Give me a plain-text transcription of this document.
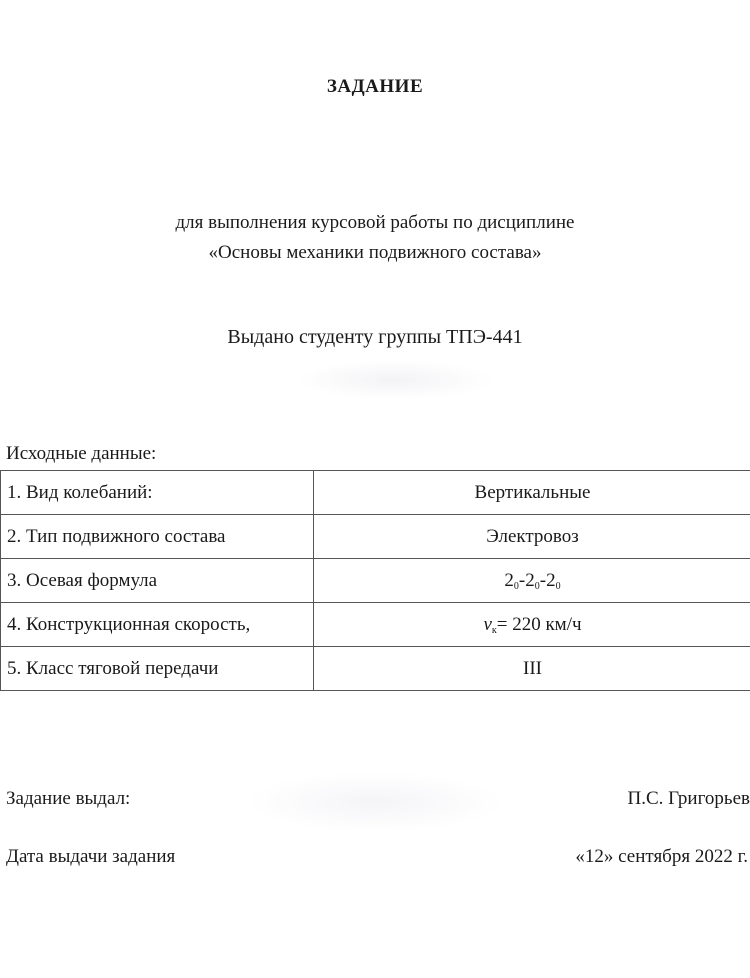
ЗАДАНИЕ
для выполнения курсовой работы по дисциплине
«Основы механики подвижного состава»
Выдано студенту группы ТПЭ-441
Исходные данные:
1. Вид колебаний:	Вертикальные
2. Тип подвижного состава	Электровоз
3. Осевая формула	$2_0-2_0-2_0$
4. Конструкционная скорость,	$v_к= 220$ км/ч
5. Класс тяговой передачи	III
Задание выдал:	П.С. Григорьев
Дата выдачи задания	«12» сентября 2022 г.
